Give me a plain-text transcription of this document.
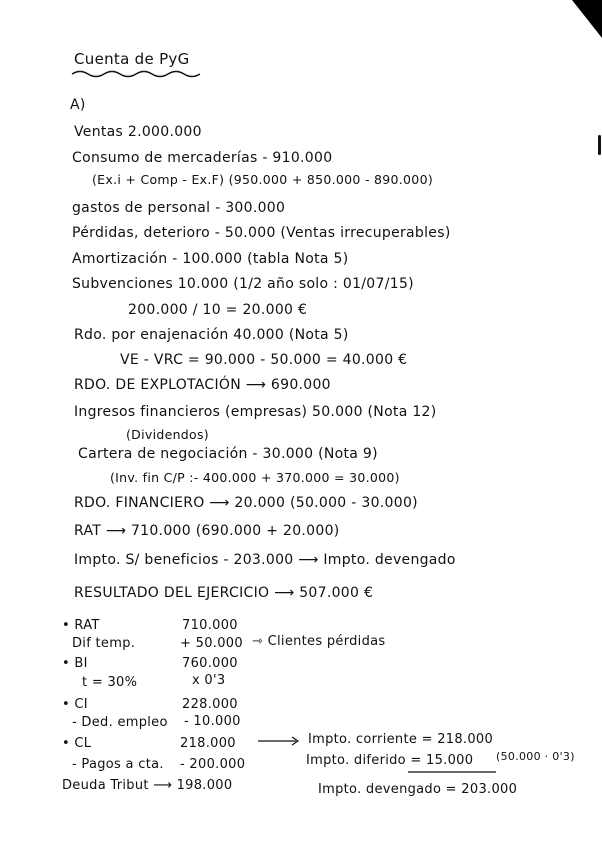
Cuenta de PyG
A)
Ventas 2.000.000
Consumo de mercaderías - 910.000
(Ex.i + Comp - Ex.F) (950.000 + 850.000 - 890.000)
gastos de personal - 300.000
Pérdidas, deterioro - 50.000 (Ventas irrecuperables)
Amortización - 100.000 (tabla Nota 5)
Subvenciones 10.000 (1/2 año solo : 01/07/15)
200.000 / 10 = 20.000 €
Rdo. por enajenación 40.000 (Nota 5)
VE - VRC = 90.000 - 50.000 = 40.000 €
RDO. DE EXPLOTACIÓN ⟶ 690.000
Ingresos financieros (empresas) 50.000 (Nota 12)
(Dividendos)
Cartera de negociación - 30.000 (Nota 9)
(Inv. fin C/P :- 400.000 + 370.000 = 30.000)
RDO. FINANCIERO ⟶ 20.000 (50.000 - 30.000)
RAT ⟶ 710.000 (690.000 + 20.000)
Impto. S/ beneficios - 203.000 ⟶ Impto. devengado
RESULTADO DEL EJERCICIO ⟶ 507.000 €
• RAT	710.000
Dif temp.	+ 50.000 ⇾ Clientes pérdidas
• BI	760.000
t = 30%	x 0'3
• CI	228.000
- Ded. empleo - 10.000
• CL	218.000
- Pagos a cta. - 200.000
Deuda Tribut ⟶ 198.000
Impto. corriente = 218.000
Impto. diferido = 15.000 (50.000 · 0'3)
Impto. devengado = 203.000
